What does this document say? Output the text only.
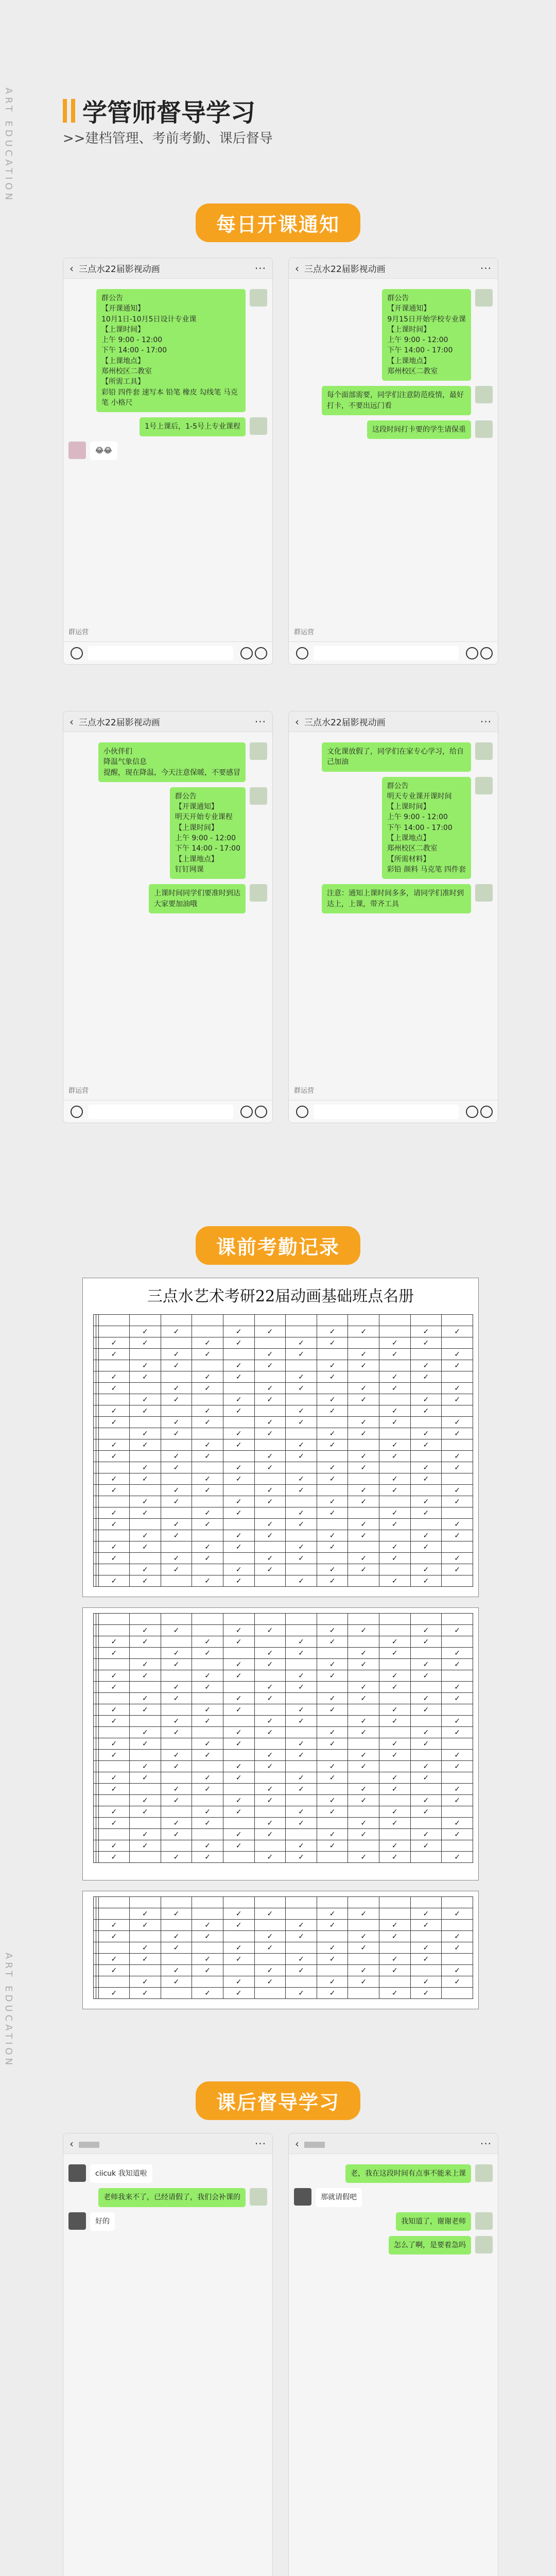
ART EDUCATION
ART EDUCATION
学管师督导学习
>>建档管理、考前考勤、课后督导
每日开课通知
‹ 三点水22届影视动画	···
群公告
【开课通知】
10月1日-10月5日设计专业课
【上课时间】
上午 9:00 - 12:00
下午 14:00 - 17:00
【上课地点】
郑州校区二教室
【所需工具】
彩铅 四件套 速写本 铅笔 橡皮 勾线笔 马克笔 小格尺
1号上课后，1-5号上专业课程
😂😂
群运营
‹ 三点水22届影视动画	···
群公告
【开课通知】
9月15日开始学校专业课
【上课时间】
上午 9:00 - 12:00
下午 14:00 - 17:00
【上课地点】
郑州校区二教室
每个面部需要，同学们注意防范疫情，最好打卡，不要出远门看
这段时间打卡要的学生请保重
群运营
‹ 三点水22届影视动画	···
小伙伴们
降温气象信息
提醒，现在降温，今天注意保暖，不要感冒
群公告
【开课通知】
明天开始专业课程
【上课时间】
上午 9:00 - 12:00
下午 14:00 - 17:00
【上课地点】
钉钉网课
上课时间同学们要准时到达
大家要加油哦
群运营
‹ 三点水22届影视动画	···
文化课放假了，同学们在家专心学习，给自己加油
群公告
明天专业课开课时间
【上课时间】
上午 9:00 - 12:00
下午 14:00 - 17:00
【上课地点】
郑州校区二教室
【所需材料】
彩铅 颜料 马克笔 四件套
注意：通知上课时间多多，请同学们准时到达上，上课，带齐工具
群运营
课前考勤记录
三点水艺术考研22届动画基础班点名册

			✓	✓		✓	✓		✓	✓		✓	✓
		✓	✓		✓	✓		✓	✓		✓	✓	
		✓		✓	✓		✓	✓		✓	✓		✓
			✓	✓		✓	✓		✓	✓		✓	✓
		✓	✓		✓	✓		✓	✓		✓	✓	
		✓		✓	✓		✓	✓		✓	✓		✓
			✓	✓		✓	✓		✓	✓		✓	✓
		✓	✓		✓	✓		✓	✓		✓	✓	
		✓		✓	✓		✓	✓		✓	✓		✓
			✓	✓		✓	✓		✓	✓		✓	✓
		✓	✓		✓	✓		✓	✓		✓	✓	
		✓		✓	✓		✓	✓		✓	✓		✓
			✓	✓		✓	✓		✓	✓		✓	✓
		✓	✓		✓	✓		✓	✓		✓	✓	
		✓		✓	✓		✓	✓		✓	✓		✓
			✓	✓		✓	✓		✓	✓		✓	✓
		✓	✓		✓	✓		✓	✓		✓	✓	
		✓		✓	✓		✓	✓		✓	✓		✓
			✓	✓		✓	✓		✓	✓		✓	✓
		✓	✓		✓	✓		✓	✓		✓	✓	
		✓		✓	✓		✓	✓		✓	✓		✓
			✓	✓		✓	✓		✓	✓		✓	✓
		✓	✓		✓	✓		✓	✓		✓	✓	

			✓	✓		✓	✓		✓	✓		✓	✓
		✓	✓		✓	✓		✓	✓		✓	✓	
		✓		✓	✓		✓	✓		✓	✓		✓
			✓	✓		✓	✓		✓	✓		✓	✓
		✓	✓		✓	✓		✓	✓		✓	✓	
		✓		✓	✓		✓	✓		✓	✓		✓
			✓	✓		✓	✓		✓	✓		✓	✓
		✓	✓		✓	✓		✓	✓		✓	✓	
		✓		✓	✓		✓	✓		✓	✓		✓
			✓	✓		✓	✓		✓	✓		✓	✓
		✓	✓		✓	✓		✓	✓		✓	✓	
		✓		✓	✓		✓	✓		✓	✓		✓
			✓	✓		✓	✓		✓	✓		✓	✓
		✓	✓		✓	✓		✓	✓		✓	✓	
		✓		✓	✓		✓	✓		✓	✓		✓
			✓	✓		✓	✓		✓	✓		✓	✓
		✓	✓		✓	✓		✓	✓		✓	✓	
		✓		✓	✓		✓	✓		✓	✓		✓
			✓	✓		✓	✓		✓	✓		✓	✓
		✓	✓		✓	✓		✓	✓		✓	✓	
		✓		✓	✓		✓	✓		✓	✓		✓

			✓	✓		✓	✓		✓	✓		✓	✓
		✓	✓		✓	✓		✓	✓		✓	✓	
		✓		✓	✓		✓	✓		✓	✓		✓
			✓	✓		✓	✓		✓	✓		✓	✓
		✓	✓		✓	✓		✓	✓		✓	✓	
		✓		✓	✓		✓	✓		✓	✓		✓
			✓	✓		✓	✓		✓	✓		✓	✓
		✓	✓		✓	✓		✓	✓		✓	✓	
课后督导学习
‹	···
ciicuk 我知道啦
老师我来不了，已经请假了，我们会补课的
好的
‹	···
老，我在这段时间有点事不能来上课
那就请假吧
我知道了，谢谢老师
怎么了啊，是要着急吗
